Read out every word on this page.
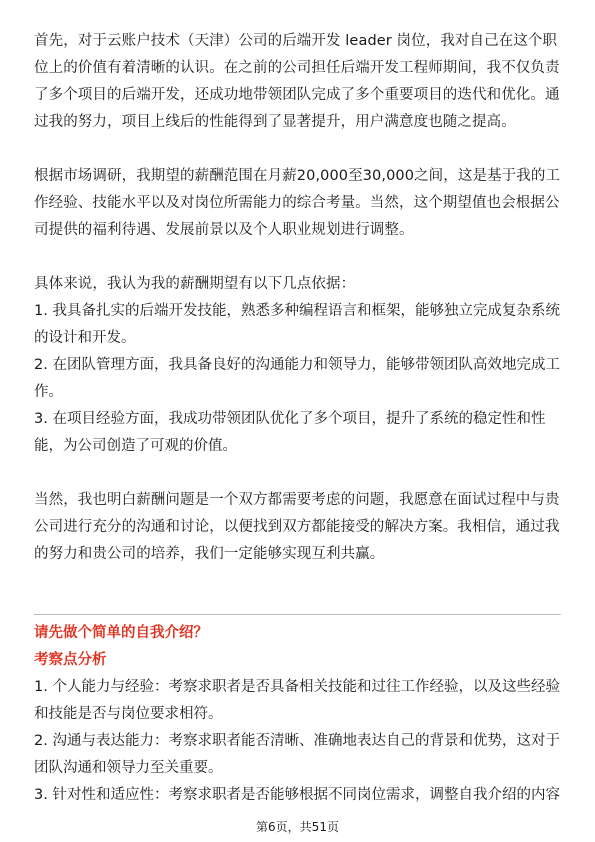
首先，对于云账户技术（天津）公司的后端开发 leader 岗位，我对自己在这个职位上的价值有着清晰的认识。在之前的公司担任后端开发工程师期间，我不仅负责了多个项目的后端开发，还成功地带领团队完成了多个重要项目的迭代和优化。通过我的努力，项目上线后的性能得到了显著提升，用户满意度也随之提高。

根据市场调研，我期望的薪酬范围在月薪20,000至30,000之间，这是基于我的工作经验、技能水平以及对岗位所需能力的综合考量。当然，这个期望值也会根据公司提供的福利待遇、发展前景以及个人职业规划进行调整。

具体来说，我认为我的薪酬期望有以下几点依据：

1. 我具备扎实的后端开发技能，熟悉多种编程语言和框架，能够独立完成复杂系统的设计和开发。

2. 在团队管理方面，我具备良好的沟通能力和领导力，能够带领团队高效地完成工作。

3. 在项目经验方面，我成功带领团队优化了多个项目，提升了系统的稳定性和性能，为公司创造了可观的价值。

当然，我也明白薪酬问题是一个双方都需要考虑的问题，我愿意在面试过程中与贵公司进行充分的沟通和讨论，以便找到双方都能接受的解决方案。我相信，通过我的努力和贵公司的培养，我们一定能够实现互利共赢。

请先做个简单的自我介绍？

考察点分析

1. 个人能力与经验：考察求职者是否具备相关技能和过往工作经验，以及这些经验和技能是否与岗位要求相符。

2. 沟通与表达能力：考察求职者能否清晰、准确地表达自己的背景和优势，这对于团队沟通和领导力至关重要。

3. 针对性和适应性：考察求职者是否能够根据不同岗位需求，调整自我介绍的内容

第6页，共51页
